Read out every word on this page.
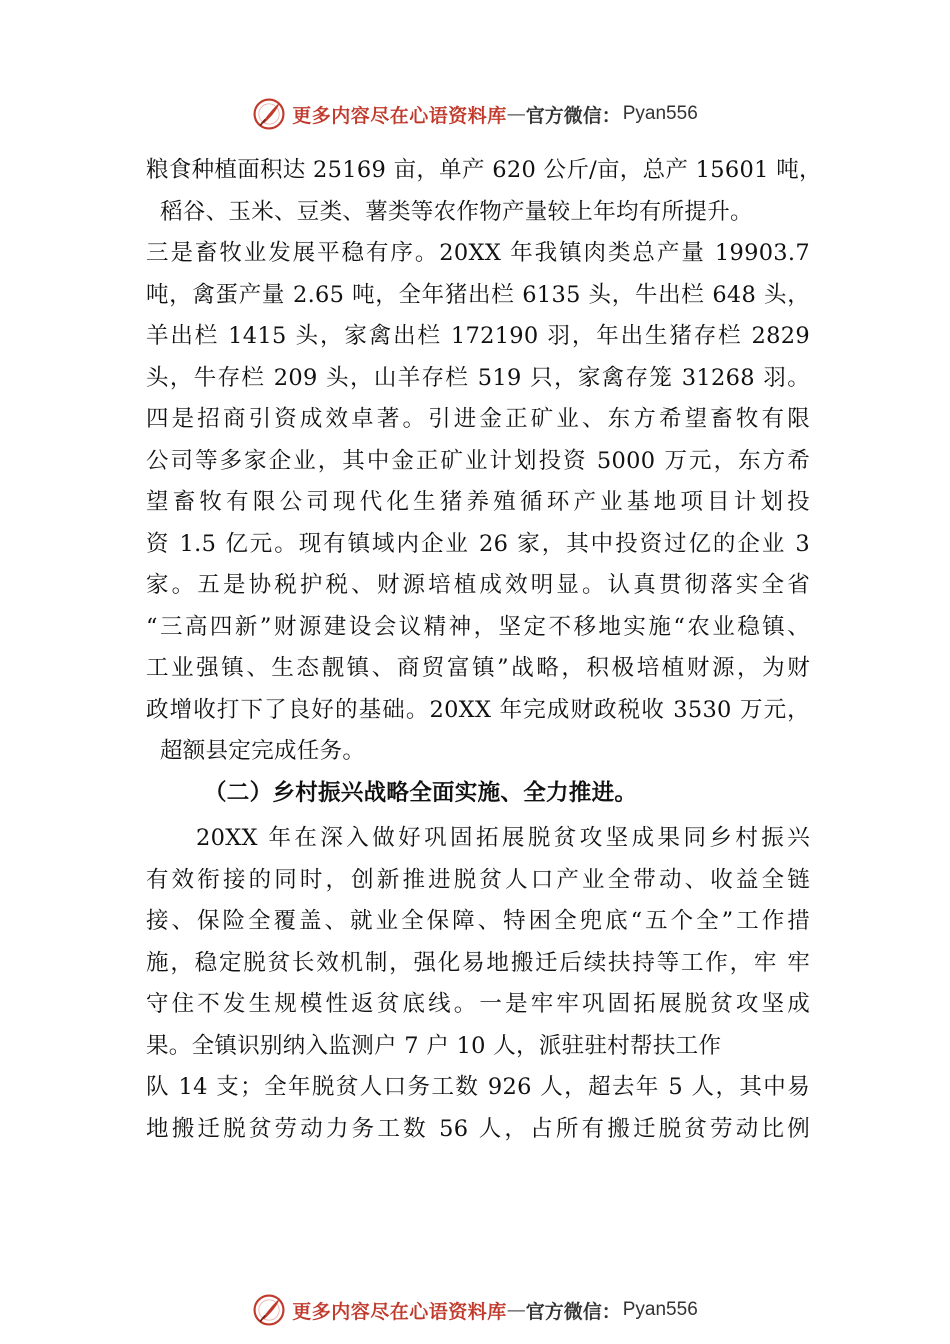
更多内容尽在心语资料库 — 官方微信： Pyan556
粮食种植面积达 25169 亩，单产 620 公斤/亩，总产 15601 吨，
稻谷、玉米、豆类、薯类等农作物产量较上年均有所提升。
三是畜牧业发展平稳有序。20XX 年我镇肉类总产量 19903.7
吨，禽蛋产量 2.65 吨，全年猪出栏 6135 头，牛出栏 648 头，
羊出栏 1415 头，家禽出栏 172190 羽，年出生猪存栏 2829
头，牛存栏 209 头，山羊存栏 519 只，家禽存笼 31268 羽。
四是招商引资成效卓著。引进金正矿业、东方希望畜牧有限
公司等多家企业，其中金正矿业计划投资 5000 万元，东方希
望畜牧有限公司现代化生猪养殖循环产业基地项目计划投
资 1.5 亿元。现有镇域内企业 26 家，其中投资过亿的企业 3
家。五是协税护税、财源培植成效明显。认真贯彻落实全省
“三高四新”财源建设会议精神，坚定不移地实施“农业稳镇、
工业强镇、生态靓镇、商贸富镇”战略，积极培植财源，为财
政增收打下了良好的基础。20XX 年完成财政税收 3530 万元，
超额县定完成任务。
（二）乡村振兴战略全面实施、全力推进。
20XX 年在深入做好巩固拓展脱贫攻坚成果同乡村振兴
有效衔接的同时，创新推进脱贫人口产业全带动、收益全链
接、保险全覆盖、就业全保障、特困全兜底“五个全”工作措
施，稳定脱贫长效机制，强化易地搬迁后续扶持等工作，牢 牢
守住不发生规模性返贫底线。一是牢牢巩固拓展脱贫攻坚成
果。全镇识别纳入监测户 7 户 10 人，派驻驻村帮扶工作
队 14 支；全年脱贫人口务工数 926 人，超去年 5 人，其中易
地搬迁脱贫劳动力务工数 56 人，占所有搬迁脱贫劳动比例
更多内容尽在心语资料库 — 官方微信： Pyan556
